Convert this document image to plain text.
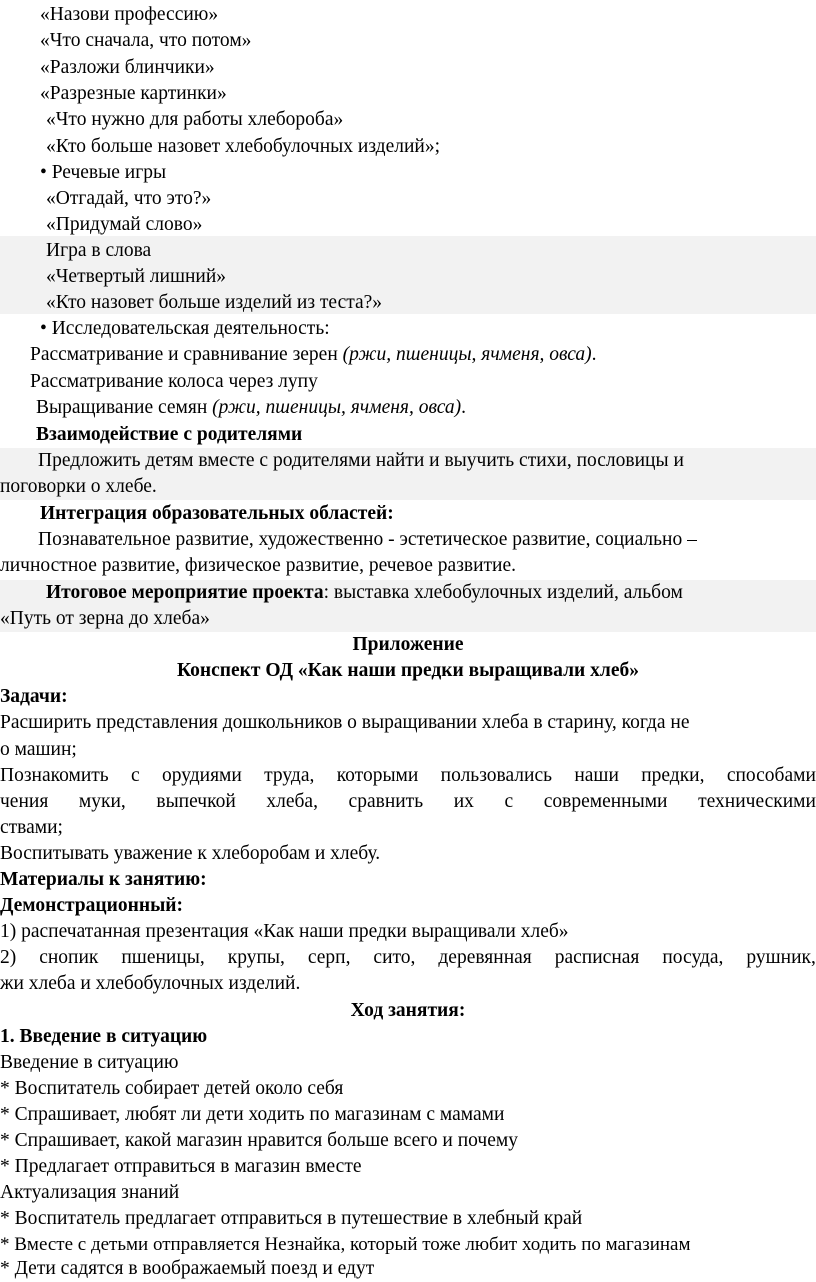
«Назови профессию»
«Что сначала, что потом»
«Разложи блинчики»
«Разрезные картинки»
«Что нужно для работы хлебороба»
«Кто больше назовет хлебобулочных изделий»;
• Речевые игры
«Отгадай, что это?»
«Придумай слово»
Игра в слова
«Четвертый лишний»
«Кто назовет больше изделий из теста?»
• Исследовательская деятельность:
Рассматривание и сравнивание зерен (ржи, пшеницы, ячменя, овса).
Рассматривание колоса через лупу
Выращивание семян (ржи, пшеницы, ячменя, овса).
Взаимодействие с родителями
Предложить детям вместе с родителями найти и выучить стихи, пословицы и
поговорки о хлебе.
Интеграция образовательных областей:
Познавательное развитие, художественно - эстетическое развитие, социально –
личностное развитие, физическое развитие, речевое развитие.
Итоговое мероприятие проекта: выставка хлебобулочных изделий, альбом
«Путь от зерна до хлеба»
Приложение
Конспект ОД «Как наши предки выращивали хлеб»
Задачи:
Расширить представления дошкольников о выращивании хлеба в старину, когда не
о машин;
Познакомить с орудиями труда, которыми пользовались наши предки, способами
чения муки, выпечкой хлеба, сравнить их с современными техническими
ствами;
Воспитывать уважение к хлеборобам и хлебу.
Материалы к занятию:
Демонстрационный:
1) распечатанная презентация «Как наши предки выращивали хлеб»
2) снопик пшеницы, крупы, серп, сито, деревянная расписная посуда, рушник,
жи хлеба и хлебобулочных изделий.
Ход занятия:
1. Введение в ситуацию
Введение в ситуацию
* Воспитатель собирает детей около себя
* Спрашивает, любят ли дети ходить по магазинам с мамами
* Спрашивает, какой магазин нравится больше всего и почему
* Предлагает отправиться в магазин вместе
Актуализация знаний
* Воспитатель предлагает отправиться в путешествие в хлебный край
* Вместе с детьми отправляется Незнайка, который тоже любит ходить по магазинам
* Дети садятся в воображаемый поезд и едут
